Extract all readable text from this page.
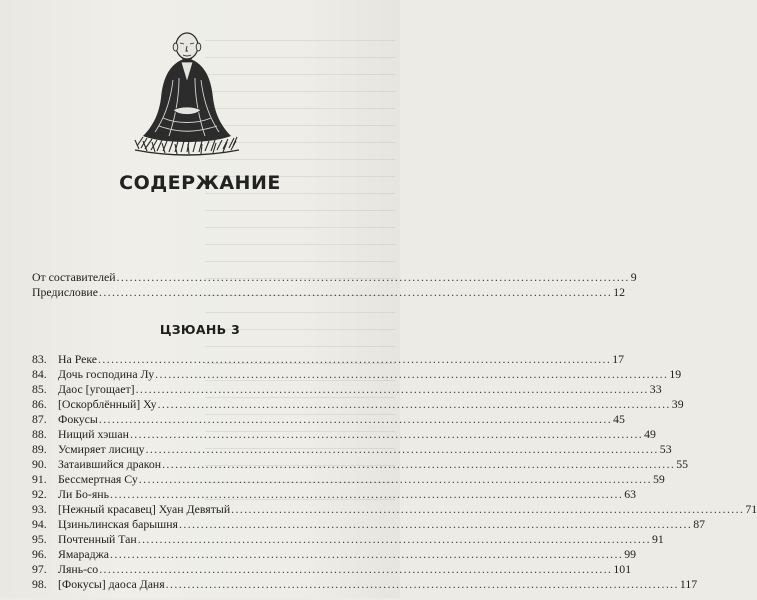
СОДЕРЖАНИЕ
От составителей ...................................................................................................................... 9
Предисловие ...................................................................................................................... 12
ЦЗЮАНЬ 3
83. На Реке ...................................................................................................................... 17
84. Дочь господина Лу ...................................................................................................................... 19
85. Даос [угощает] ...................................................................................................................... 33
86. [Оскорблённый] Ху ...................................................................................................................... 39
87. Фокусы ...................................................................................................................... 45
88. Нищий хэшан ...................................................................................................................... 49
89. Усмиряет лисицу ...................................................................................................................... 53
90. Затаившийся дракон ...................................................................................................................... 55
91. Бессмертная Су ...................................................................................................................... 59
92. Ли Бо-янь ...................................................................................................................... 63
93. [Нежный красавец] Хуан Девятый ...................................................................................................................... 71
94. Цзиньлинская барышня ...................................................................................................................... 87
95. Почтенный Тан ...................................................................................................................... 91
96. Ямараджа ...................................................................................................................... 99
97. Лянь-со ...................................................................................................................... 101
98. [Фокусы] даоса Даня ...................................................................................................................... 117
